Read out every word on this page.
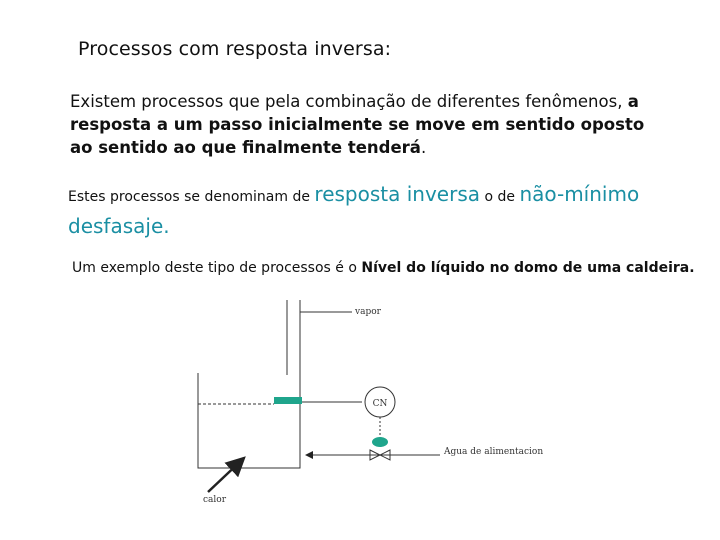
Processos com resposta inversa:
Existem processos que pela combinação de diferentes fenômenos, a resposta a um passo inicialmente se move em sentido oposto ao sentido ao que finalmente tenderá.
Estes processos se denominam de resposta inversa o de não-mínimo desfasaje.
Um exemplo deste tipo de processos é o Nível do líquido no domo de uma caldeira.
vapor
CN
Agua de alimentacion
calor
